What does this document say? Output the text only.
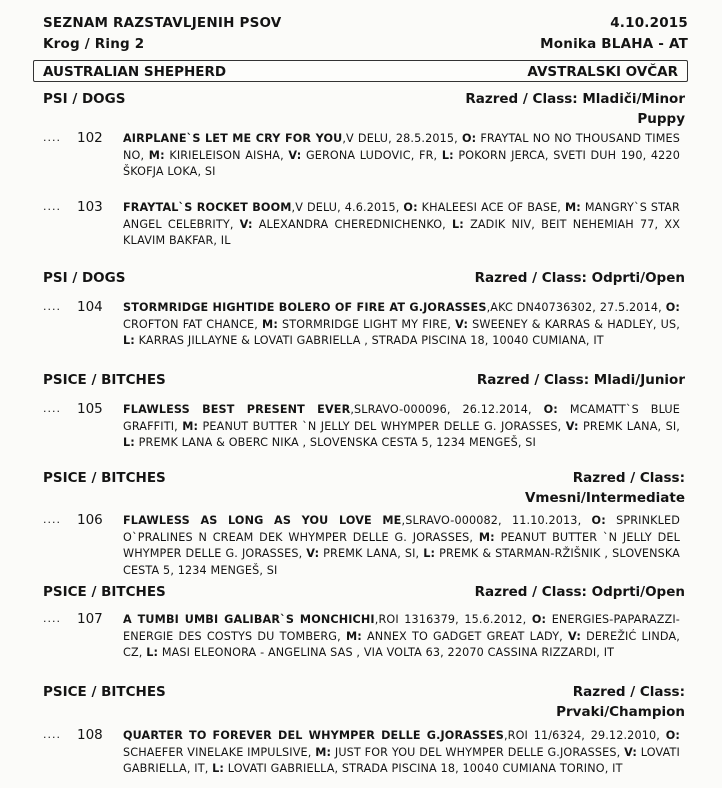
SEZNAM RAZSTAVLJENIH PSOV	4.10.2015
Krog / Ring 2	Monika BLAHA - AT
AUSTRALIAN SHEPHERD	AVSTRALSKI OVČAR
PSI / DOGS	Razred / Class: Mladiči/Minor
Puppy
.... 102 AIRPLANE`S LET ME CRY FOR YOU,V DELU, 28.5.2015, O: FRAYTAL NO NO THOUSAND TIMES NO, M: KIRIELEISON AISHA, V: GERONA LUDOVIC, FR, L: POKORN JERCA, SVETI DUH 190, 4220 ŠKOFJA LOKA, SI
.... 103 FRAYTAL`S ROCKET BOOM,V DELU, 4.6.2015, O: KHALEESI ACE OF BASE, M: MANGRY`S STAR ANGEL CELEBRITY, V: ALEXANDRA CHEREDNICHENKO, L: ZADIK NIV, BEIT NEHEMIAH 77, XX KLAVIM BAKFAR, IL
PSI / DOGS	Razred / Class: Odprti/Open
.... 104 STORMRIDGE HIGHTIDE BOLERO OF FIRE AT G.JORASSES,AKC DN40736302, 27.5.2014, O: CROFTON FAT CHANCE, M: STORMRIDGE LIGHT MY FIRE, V: SWEENEY & KARRAS & HADLEY, US, L: KARRAS JILLAYNE & LOVATI GABRIELLA , STRADA PISCINA 18, 10040 CUMIANA, IT
PSICE / BITCHES	Razred / Class: Mladi/Junior
.... 105 FLAWLESS BEST PRESENT EVER,SLRAVO-000096, 26.12.2014, O: MCAMATT`S BLUE GRAFFITI, M: PEANUT BUTTER `N JELLY DEL WHYMPER DELLE G. JORASSES, V: PREMK LANA, SI, L: PREMK LANA & OBERC NIKA , SLOVENSKA CESTA 5, 1234 MENGEŠ, SI
PSICE / BITCHES	Razred / Class:
Vmesni/Intermediate
.... 106 FLAWLESS AS LONG AS YOU LOVE ME,SLRAVO-000082, 11.10.2013, O: SPRINKLED O`PRALINES N CREAM DEK WHYMPER DELLE G. JORASSES, M: PEANUT BUTTER `N JELLY DEL WHYMPER DELLE G. JORASSES, V: PREMK LANA, SI, L: PREMK & STARMAN-RŽIŠNIK , SLOVENSKA CESTA 5, 1234 MENGEŠ, SI
PSICE / BITCHES	Razred / Class: Odprti/Open
.... 107 A TUMBI UMBI GALIBAR`S MONCHICHI,ROI 1316379, 15.6.2012, O: ENERGIES-PAPARAZZI-ENERGIE DES COSTYS DU TOMBERG, M: ANNEX TO GADGET GREAT LADY, V: DEREŽIĆ LINDA, CZ, L: MASI ELEONORA - ANGELINA SAS , VIA VOLTA 63, 22070 CASSINA RIZZARDI, IT
PSICE / BITCHES	Razred / Class:
Prvaki/Champion
.... 108 QUARTER TO FOREVER DEL WHYMPER DELLE G.JORASSES,ROI 11/6324, 29.12.2010, O: SCHAEFER VINELAKE IMPULSIVE, M: JUST FOR YOU DEL WHYMPER DELLE G.JORASSES, V: LOVATI GABRIELLA, IT, L: LOVATI GABRIELLA, STRADA PISCINA 18, 10040 CUMIANA TORINO, IT
